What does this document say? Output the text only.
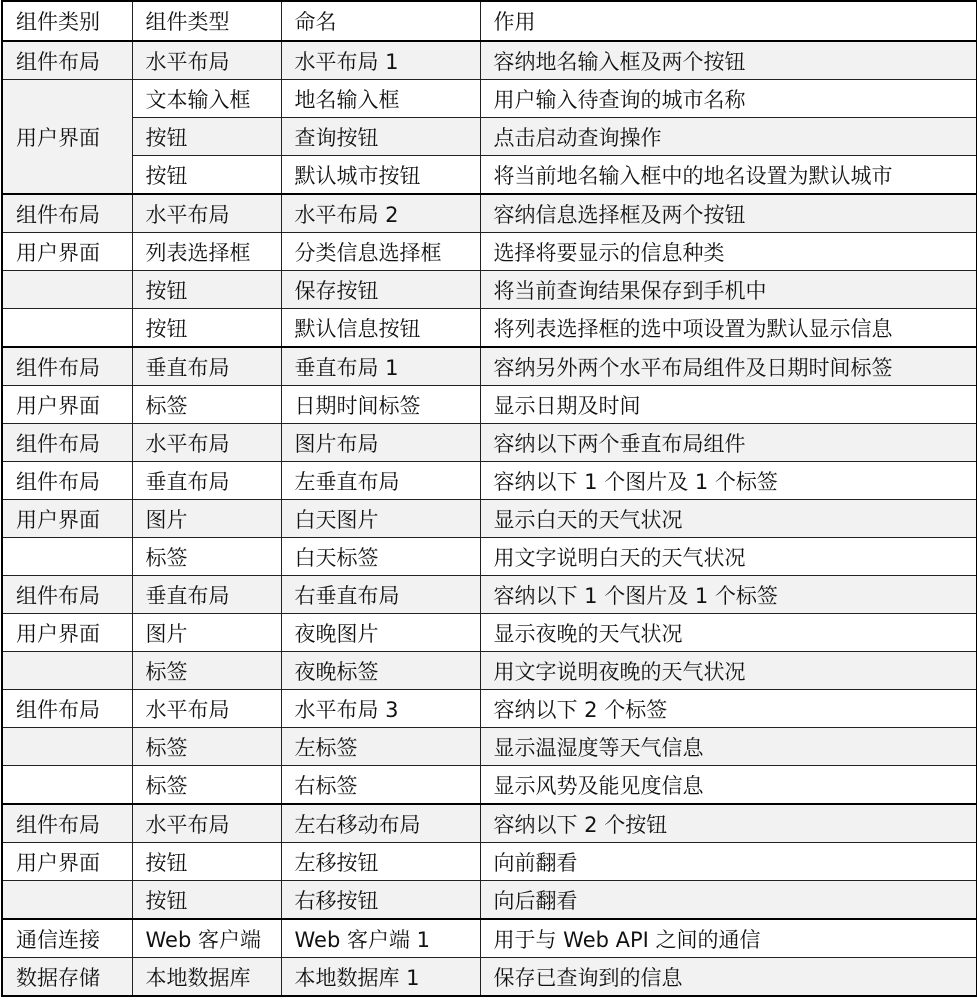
组件类别	组件类型	命名	作用
组件布局	水平布局	水平布局 1	容纳地名输入框及两个按钮
用户界面	文本输入框	地名输入框	用户输入待查询的城市名称
	按钮	查询按钮	点击启动查询操作
	按钮	默认城市按钮	将当前地名输入框中的地名设置为默认城市
组件布局	水平布局	水平布局 2	容纳信息选择框及两个按钮
用户界面	列表选择框	分类信息选择框	选择将要显示的信息种类
	按钮	保存按钮	将当前查询结果保存到手机中
	按钮	默认信息按钮	将列表选择框的选中项设置为默认显示信息
组件布局	垂直布局	垂直布局 1	容纳另外两个水平布局组件及日期时间标签
用户界面	标签	日期时间标签	显示日期及时间
组件布局	水平布局	图片布局	容纳以下两个垂直布局组件
组件布局	垂直布局	左垂直布局	容纳以下 1 个图片及 1 个标签
用户界面	图片	白天图片	显示白天的天气状况
	标签	白天标签	用文字说明白天的天气状况
组件布局	垂直布局	右垂直布局	容纳以下 1 个图片及 1 个标签
用户界面	图片	夜晚图片	显示夜晚的天气状况
	标签	夜晚标签	用文字说明夜晚的天气状况
组件布局	水平布局	水平布局 3	容纳以下 2 个标签
	标签	左标签	显示温湿度等天气信息
	标签	右标签	显示风势及能见度信息
组件布局	水平布局	左右移动布局	容纳以下 2 个按钮
用户界面	按钮	左移按钮	向前翻看
	按钮	右移按钮	向后翻看
通信连接	Web 客户端	Web 客户端 1	用于与 Web API 之间的通信
数据存储	本地数据库	本地数据库 1	保存已查询到的信息
